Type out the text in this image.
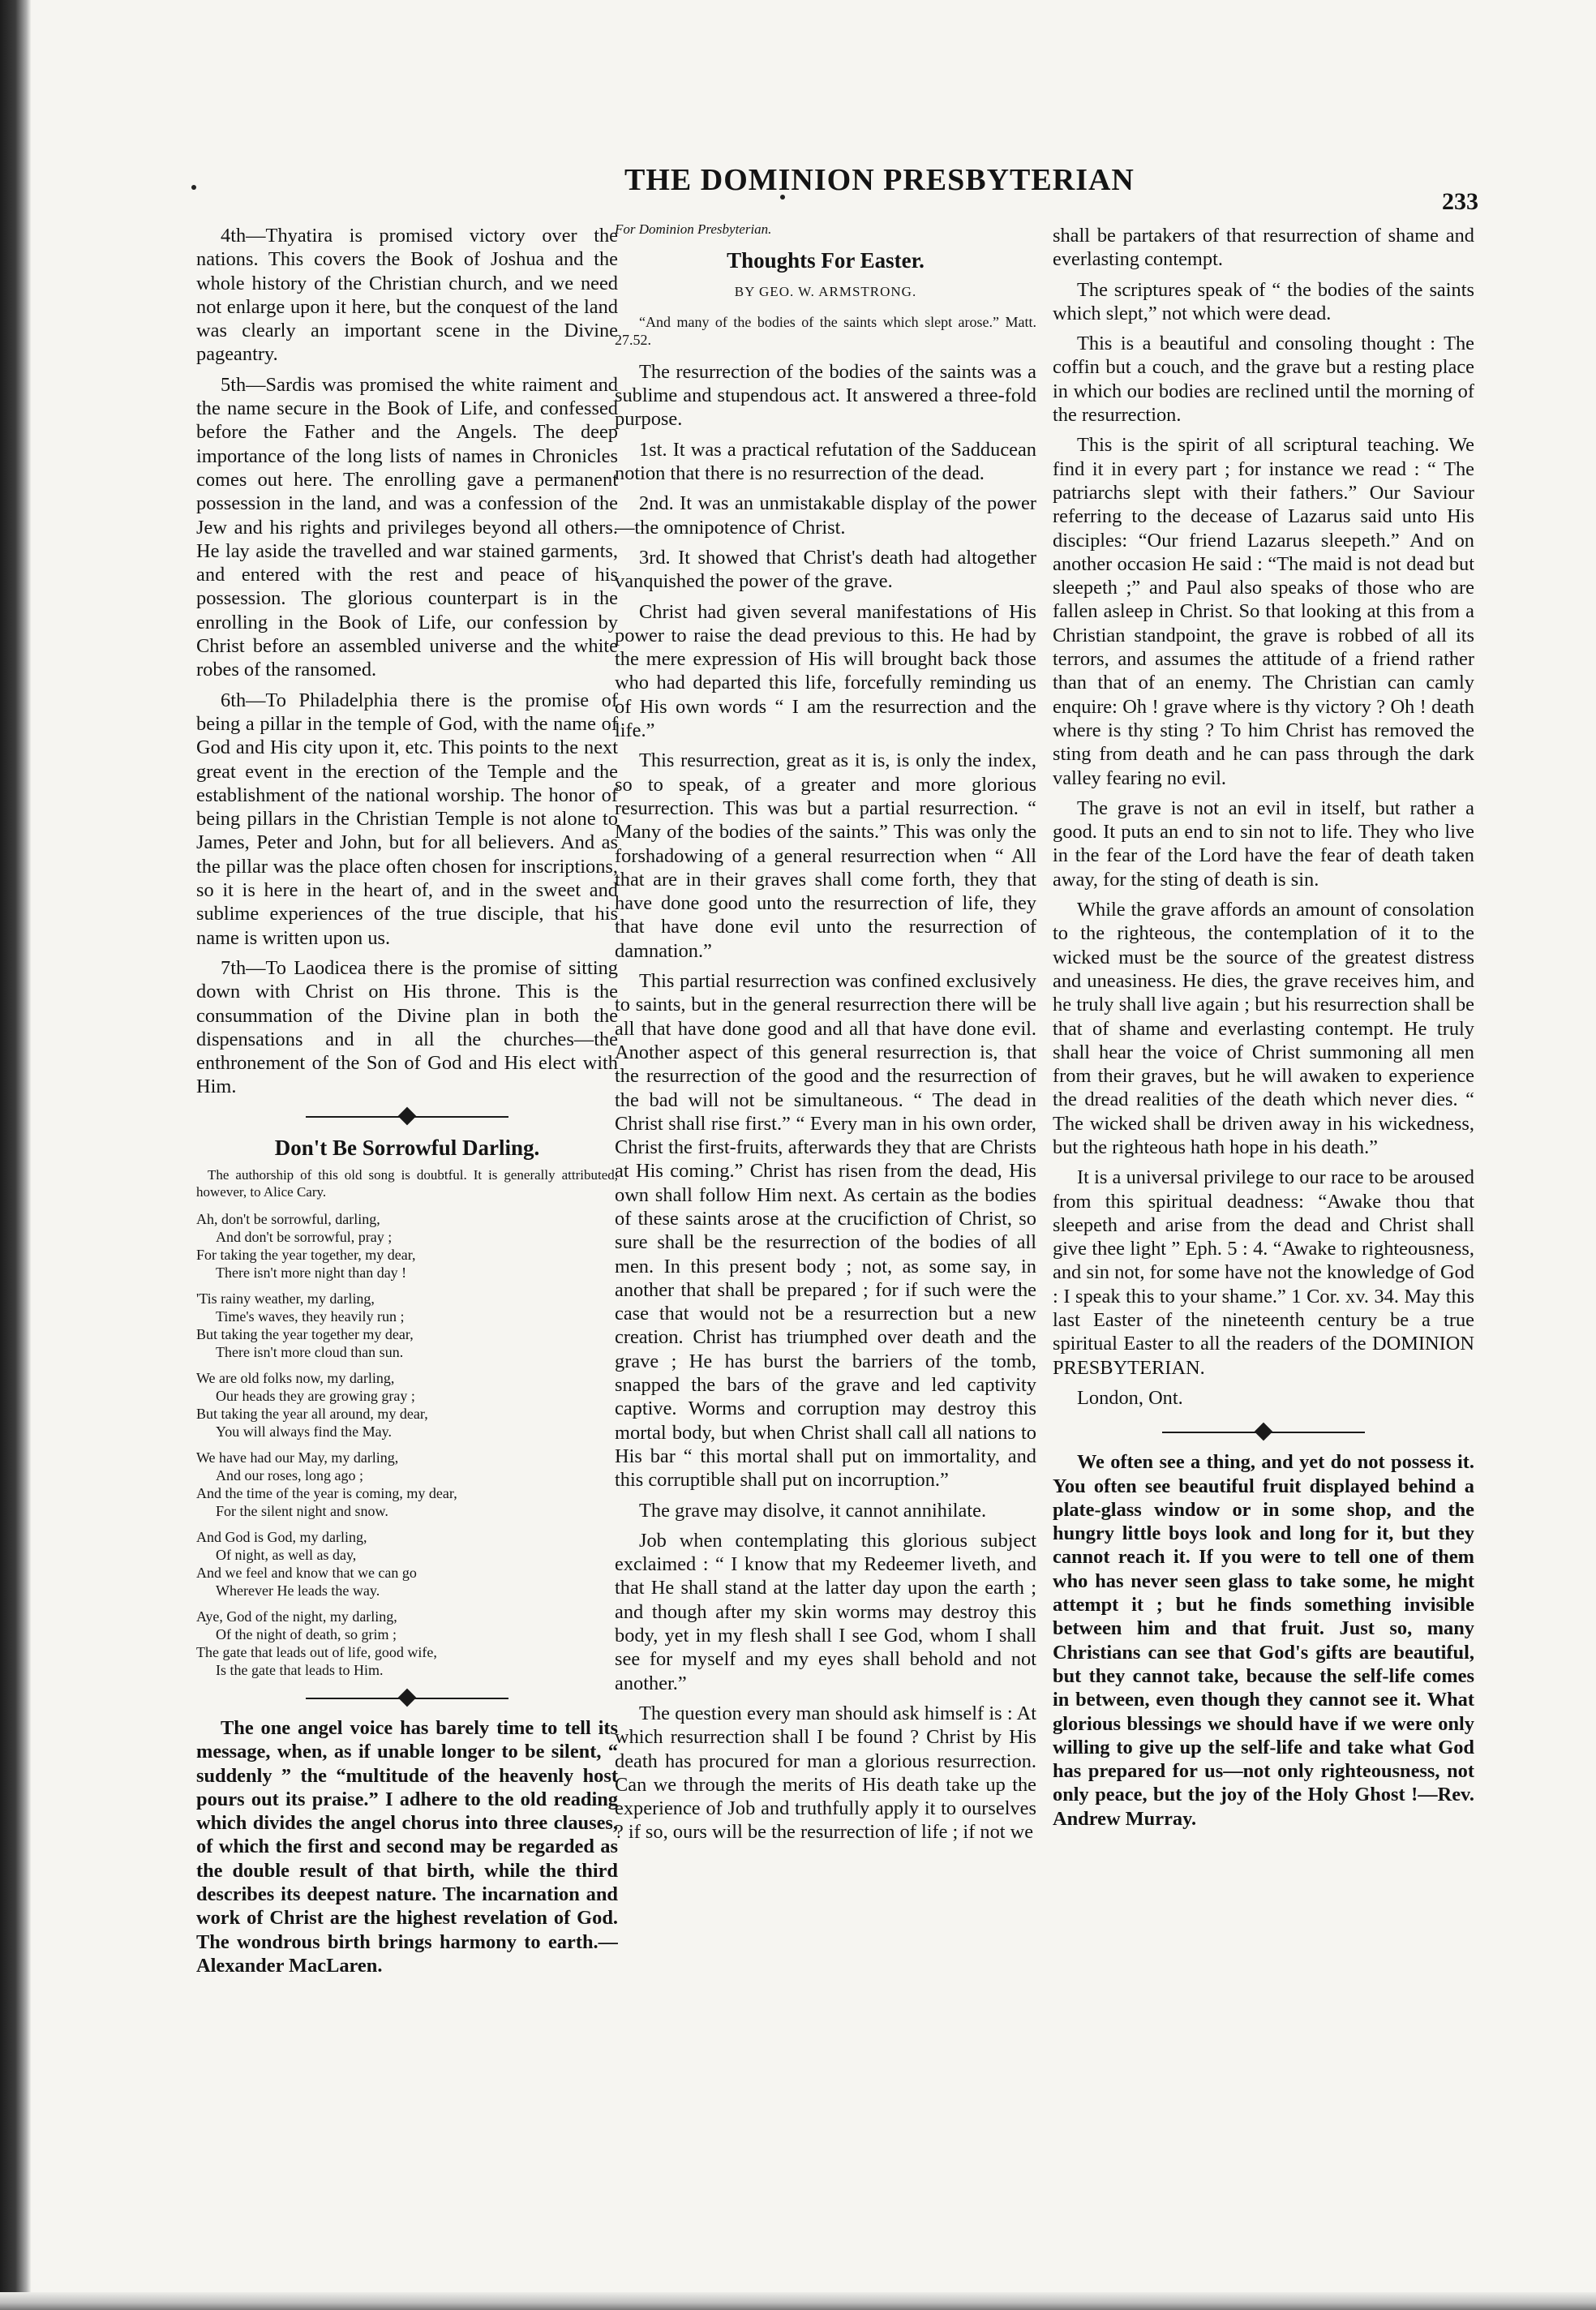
THE DOMINION PRESBYTERIAN
233

4th—Thyatira is promised victory over the nations. This covers the Book of Joshua and the whole history of the Christian church, and we need not enlarge upon it here, but the conquest of the land was clearly an important scene in the Divine pageantry.

5th—Sardis was promised the white raiment and the name secure in the Book of Life, and confessed before the Father and the Angels. The deep importance of the long lists of names in Chronicles comes out here. The enrolling gave a permanent possession in the land, and was a confession of the Jew and his rights and privileges beyond all others. He lay aside the travelled and war stained garments, and entered with the rest and peace of his possession. The glorious counterpart is in the enrolling in the Book of Life, our confession by Christ before an assembled universe and the white robes of the ransomed.

6th—To Philadelphia there is the promise of being a pillar in the temple of God, with the name of God and His city upon it, etc. This points to the next great event in the erection of the Temple and the establishment of the national worship. The honor of being pillars in the Christian Temple is not alone to James, Peter and John, but for all believers. And as the pillar was the place often chosen for inscriptions, so it is here in the heart of, and in the sweet and sublime experiences of the true disciple, that his name is written upon us.

7th—To Laodicea there is the promise of sitting down with Christ on His throne. This is the consummation of the Divine plan in both the dispensations and in all the churches—the enthronement of the Son of God and His elect with Him.

Don't Be Sorrowful Darling.
The authorship of this old song is doubtful. It is generally attributed, however, to Alice Cary.
Ah, don't be sorrowful, darling,
And don't be sorrowful, pray ;
For taking the year together, my dear,
There isn't more night than day !
'Tis rainy weather, my darling,
Time's waves, they heavily run ;
But taking the year together my dear,
There isn't more cloud than sun.
We are old folks now, my darling,
Our heads they are growing gray ;
But taking the year all around, my dear,
You will always find the May.
We have had our May, my darling,
And our roses, long ago ;
And the time of the year is coming, my dear,
For the silent night and snow.
And God is God, my darling,
Of night, as well as day,
And we feel and know that we can go
Wherever He leads the way.
Aye, God of the night, my darling,
Of the night of death, so grim ;
The gate that leads out of life, good wife,
Is the gate that leads to Him.

The one angel voice has barely time to tell its message, when, as if unable longer to be silent, “ suddenly ” the “multitude of the heavenly host pours out its praise.” I adhere to the old reading which divides the angel chorus into three clauses, of which the first and second may be regarded as the double result of that birth, while the third describes its deepest nature. The incarnation and work of Christ are the highest revelation of God. The wondrous birth brings harmony to earth.—Alexander MacLaren.

For Dominion Presbyterian.

Thoughts For Easter.
BY GEO. W. ARMSTRONG.
“And many of the bodies of the saints which slept arose.” Matt. 27.52.

The resurrection of the bodies of the saints was a sublime and stupendous act. It answered a three-fold purpose.

1st. It was a practical refutation of the Sadducean notion that there is no resurrection of the dead.

2nd. It was an unmistakable display of the power—the omnipotence of Christ.

3rd. It showed that Christ's death had altogether vanquished the power of the grave.

Christ had given several manifestations of His power to raise the dead previous to this. He had by the mere expression of His will brought back those who had departed this life, forcefully reminding us of His own words “ I am the resurrection and the life.”

This resurrection, great as it is, is only the index, so to speak, of a greater and more glorious resurrection. This was but a partial resurrection. “ Many of the bodies of the saints.” This was only the forshadowing of a general resurrection when “ All that are in their graves shall come forth, they that have done good unto the resurrection of life, they that have done evil unto the resurrection of damnation.”

This partial resurrection was confined exclusively to saints, but in the general resurrection there will be all that have done good and all that have done evil. Another aspect of this general resurrection is, that the resurrection of the good and the resurrection of the bad will not be simultaneous. “ The dead in Christ shall rise first.” “ Every man in his own order, Christ the first-fruits, afterwards they that are Christs at His coming.” Christ has risen from the dead, His own shall follow Him next. As certain as the bodies of these saints arose at the crucifiction of Christ, so sure shall be the resurrection of the bodies of all men. In this present body ; not, as some say, in another that shall be prepared ; for if such were the case that would not be a resurrection but a new creation. Christ has triumphed over death and the grave ; He has burst the barriers of the tomb, snapped the bars of the grave and led captivity captive. Worms and corruption may destroy this mortal body, but when Christ shall call all nations to His bar “ this mortal shall put on immortality, and this corruptible shall put on incorruption.”

The grave may disolve, it cannot annihilate.

Job when contemplating this glorious subject exclaimed : “ I know that my Redeemer liveth, and that He shall stand at the latter day upon the earth ; and though after my skin worms may destroy this body, yet in my flesh shall I see God, whom I shall see for myself and my eyes shall behold and not another.”

The question every man should ask himself is : At which resurrection shall I be found ? Christ by His death has procured for man a glorious resurrection. Can we through the merits of His death take up the experience of Job and truthfully apply it to ourselves ? if so, ours will be the resurrection of life ; if not we

shall be partakers of that resurrection of shame and everlasting contempt.

The scriptures speak of “ the bodies of the saints which slept,” not which were dead.

This is a beautiful and consoling thought : The coffin but a couch, and the grave but a resting place in which our bodies are reclined until the morning of the resurrection.

This is the spirit of all scriptural teaching. We find it in every part ; for instance we read : “ The patriarchs slept with their fathers.” Our Saviour referring to the decease of Lazarus said unto His disciples: “Our friend Lazarus sleepeth.” And on another occasion He said : “The maid is not dead but sleepeth ;” and Paul also speaks of those who are fallen asleep in Christ. So that looking at this from a Christian standpoint, the grave is robbed of all its terrors, and assumes the attitude of a friend rather than that of an enemy. The Christian can camly enquire: Oh ! grave where is thy victory ? Oh ! death where is thy sting ? To him Christ has removed the sting from death and he can pass through the dark valley fearing no evil.

The grave is not an evil in itself, but rather a good. It puts an end to sin not to life. They who live in the fear of the Lord have the fear of death taken away, for the sting of death is sin.

While the grave affords an amount of consolation to the righteous, the contemplation of it to the wicked must be the source of the greatest distress and uneasiness. He dies, the grave receives him, and he truly shall live again ; but his resurrection shall be that of shame and everlasting contempt. He truly shall hear the voice of Christ summoning all men from their graves, but he will awaken to experience the dread realities of the death which never dies. “ The wicked shall be driven away in his wickedness, but the righteous hath hope in his death.”

It is a universal privilege to our race to be aroused from this spiritual deadness: “Awake thou that sleepeth and arise from the dead and Christ shall give thee light ” Eph. 5 : 4. “Awake to righteousness, and sin not, for some have not the knowledge of God : I speak this to your shame.” 1 Cor. xv. 34. May this last Easter of the nineteenth century be a true spiritual Easter to all the readers of the DOMINION PRESBYTERIAN.

London, Ont.

We often see a thing, and yet do not possess it. You often see beautiful fruit displayed behind a plate-glass window or in some shop, and the hungry little boys look and long for it, but they cannot reach it. If you were to tell one of them who has never seen glass to take some, he might attempt it ; but he finds something invisible between him and that fruit. Just so, many Christians can see that God's gifts are beautiful, but they cannot take, because the self-life comes in between, even though they cannot see it. What glorious blessings we should have if we were only willing to give up the self-life and take what God has prepared for us—not only righteousness, not only peace, but the joy of the Holy Ghost !—Rev. Andrew Murray.
